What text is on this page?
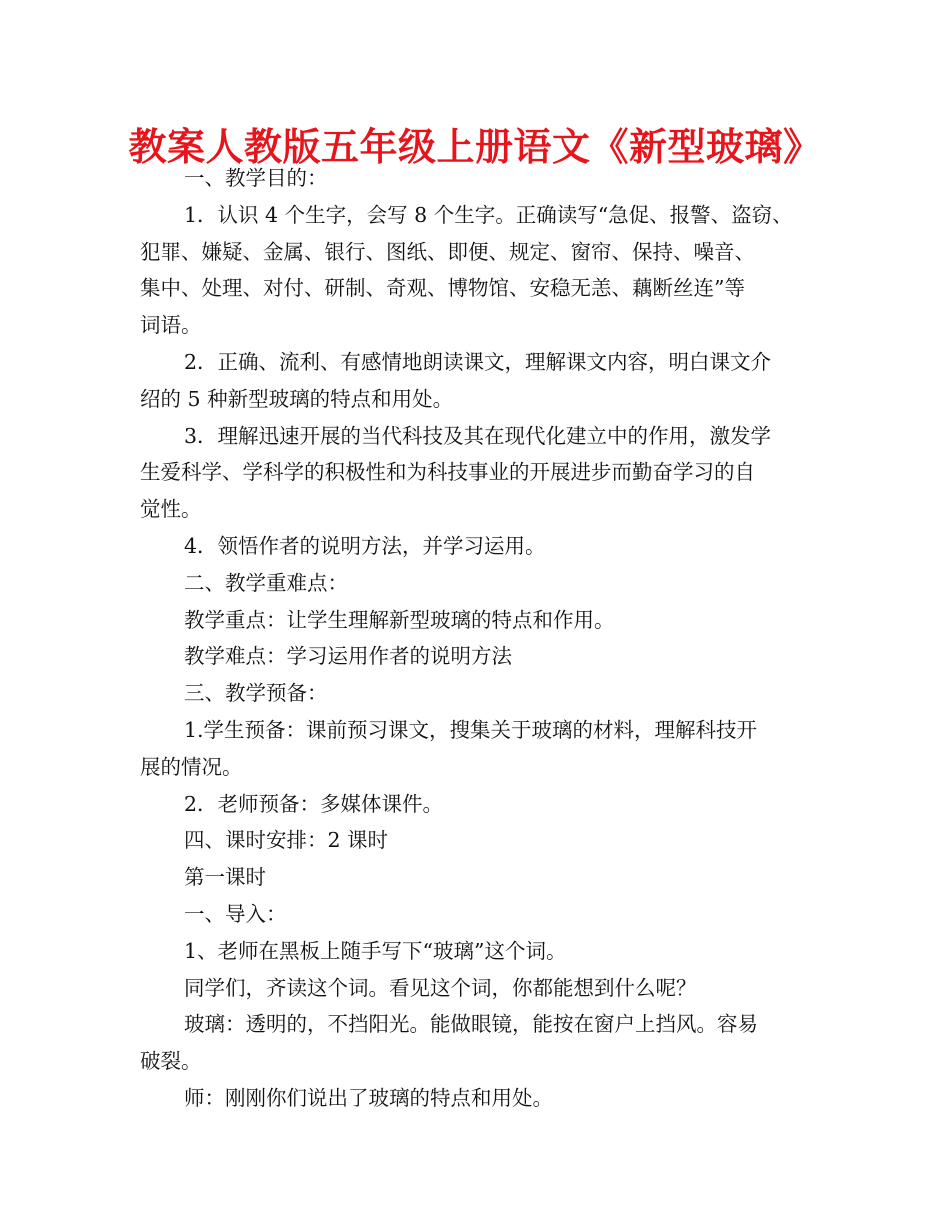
教案人教版五年级上册语文《新型玻璃》
一、教学目的：
1．认识 4 个生字，会写 8 个生字。正确读写“急促、报警、盗窃、
犯罪、嫌疑、金属、银行、图纸、即便、规定、窗帘、保持、噪音、
集中、处理、对付、研制、奇观、博物馆、安稳无恙、藕断丝连”等
词语。
2．正确、流利、有感情地朗读课文，理解课文内容，明白课文介
绍的 5 种新型玻璃的特点和用处。
3．理解迅速开展的当代科技及其在现代化建立中的作用，激发学
生爱科学、学科学的积极性和为科技事业的开展进步而勤奋学习的自
觉性。
4．领悟作者的说明方法，并学习运用。
二、教学重难点：
教学重点：让学生理解新型玻璃的特点和作用。
教学难点：学习运用作者的说明方法
三、教学预备：
1.学生预备：课前预习课文，搜集关于玻璃的材料，理解科技开
展的情况。
2．老师预备：多媒体课件。
四、课时安排：2 课时
第一课时
一、导入：
1、老师在黑板上随手写下“玻璃”这个词。
同学们，齐读这个词。看见这个词，你都能想到什么呢？
玻璃：透明的，不挡阳光。能做眼镜，能按在窗户上挡风。容易
破裂。
师：刚刚你们说出了玻璃的特点和用处。
